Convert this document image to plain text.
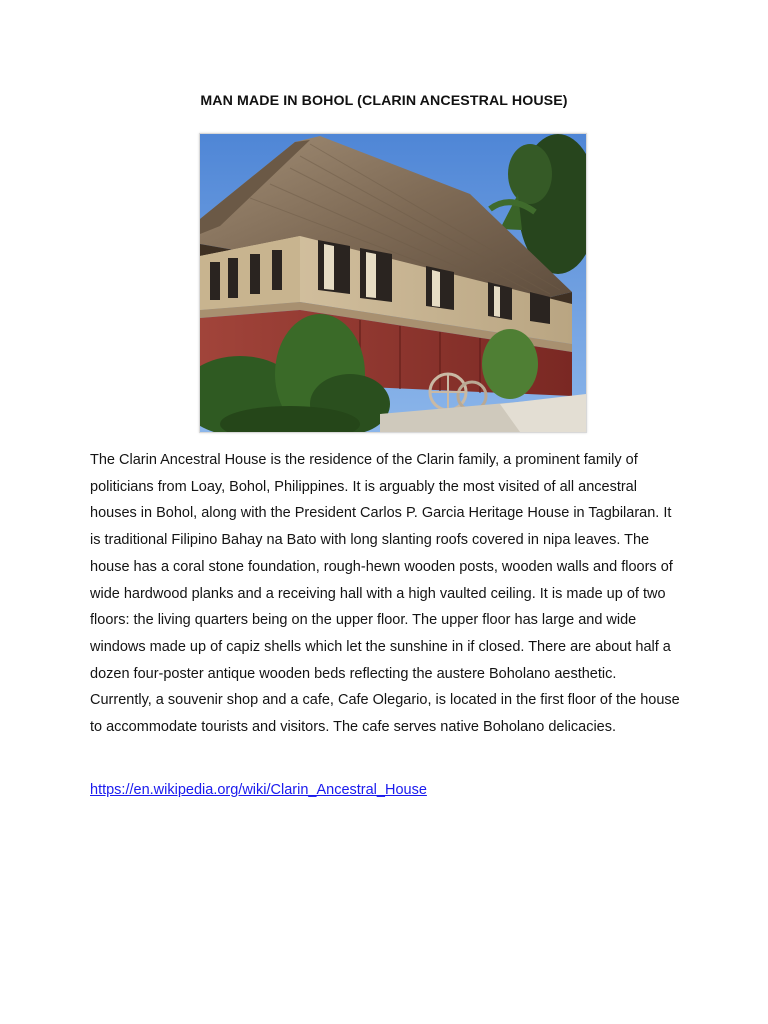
MAN MADE IN BOHOL (CLARIN ANCESTRAL HOUSE)
The Clarin Ancestral House is the residence of the Clarin family, a prominent family of politicians from Loay, Bohol, Philippines. It is arguably the most visited of all ancestral houses in Bohol, along with the President Carlos P. Garcia Heritage House in Tagbilaran. It is traditional Filipino Bahay na Bato with long slanting roofs covered in nipa leaves. The house has a coral stone foundation, rough-hewn wooden posts, wooden walls and floors of wide hardwood planks and a receiving hall with a high vaulted ceiling. It is made up of two floors: the living quarters being on the upper floor. The upper floor has large and wide windows made up of capiz shells which let the sunshine in if closed. There are about half a dozen four-poster antique wooden beds reflecting the austere Boholano aesthetic. Currently, a souvenir shop and a cafe, Cafe Olegario, is located in the first floor of the house to accommodate tourists and visitors. The cafe serves native Boholano delicacies.
https://en.wikipedia.org/wiki/Clarin_Ancestral_House
